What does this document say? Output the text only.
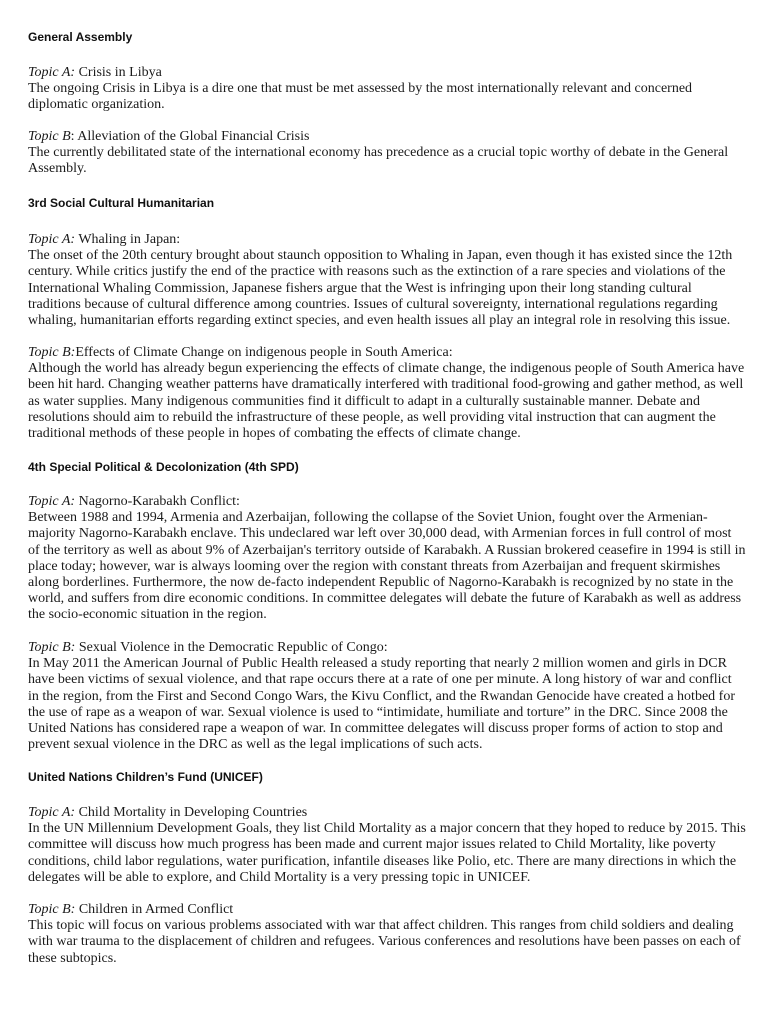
General Assembly

Topic A: Crisis in Libya

The ongoing Crisis in Libya is a dire one that must be met assessed by the most internationally relevant and concerned diplomatic organization.

Topic B: Alleviation of the Global Financial Crisis

The currently debilitated state of the international economy has precedence as a crucial topic worthy of debate in the General Assembly.

3rd Social Cultural Humanitarian

Topic A: Whaling in Japan:

The onset of the 20th century brought about staunch opposition to Whaling in Japan, even though it has existed since the 12th century. While critics justify the end of the practice with reasons such as the extinction of a rare species and violations of the International Whaling Commission, Japanese fishers argue that the West is infringing upon their long standing cultural traditions because of cultural difference among countries. Issues of cultural sovereignty, international regulations regarding whaling, humanitarian efforts regarding extinct species, and even health issues all play an integral role in resolving this issue.

Topic B:Effects of Climate Change on indigenous people in South America:

Although the world has already begun experiencing the effects of climate change, the indigenous people of South America have been hit hard. Changing weather patterns have dramatically interfered with traditional food-growing and gather method, as well as water supplies. Many indigenous communities find it difficult to adapt in a culturally sustainable manner. Debate and resolutions should aim to rebuild the infrastructure of these people, as well providing vital instruction that can augment the traditional methods of these people in hopes of combating the effects of climate change.

4th Special Political & Decolonization (4th SPD)

Topic A: Nagorno-Karabakh Conflict:

Between 1988 and 1994, Armenia and Azerbaijan, following the collapse of the Soviet Union, fought over the Armenian-majority Nagorno-Karabakh enclave. This undeclared war left over 30,000 dead, with Armenian forces in full control of most of the territory as well as about 9% of Azerbaijan's territory outside of Karabakh. A Russian brokered ceasefire in 1994 is still in place today; however, war is always looming over the region with constant threats from Azerbaijan and frequent skirmishes along borderlines. Furthermore, the now de-facto independent Republic of Nagorno-Karabakh is recognized by no state in the world, and suffers from dire economic conditions. In committee delegates will debate the future of Karabakh as well as address the socio-economic situation in the region.

Topic B: Sexual Violence in the Democratic Republic of Congo:

In May 2011 the American Journal of Public Health released a study reporting that nearly 2 million women and girls in DCR have been victims of sexual violence, and that rape occurs there at a rate of one per minute. A long history of war and conflict in the region, from the First and Second Congo Wars, the Kivu Conflict, and the Rwandan Genocide have created a hotbed for the use of rape as a weapon of war. Sexual violence is used to “intimidate, humiliate and torture” in the DRC. Since 2008 the United Nations has considered rape a weapon of war. In committee delegates will discuss proper forms of action to stop and prevent sexual violence in the DRC as well as the legal implications of such acts.

United Nations Children’s Fund (UNICEF)

Topic A: Child Mortality in Developing Countries

In the UN Millennium Development Goals, they list Child Mortality as a major concern that they hoped to reduce by 2015. This committee will discuss how much progress has been made and current major issues related to Child Mortality, like poverty conditions, child labor regulations, water purification, infantile diseases like Polio, etc. There are many directions in which the delegates will be able to explore, and Child Mortality is a very pressing topic in UNICEF.

Topic B: Children in Armed Conflict

This topic will focus on various problems associated with war that affect children. This ranges from child soldiers and dealing with war trauma to the displacement of children and refugees. Various conferences and resolutions have been passes on each of these subtopics.
